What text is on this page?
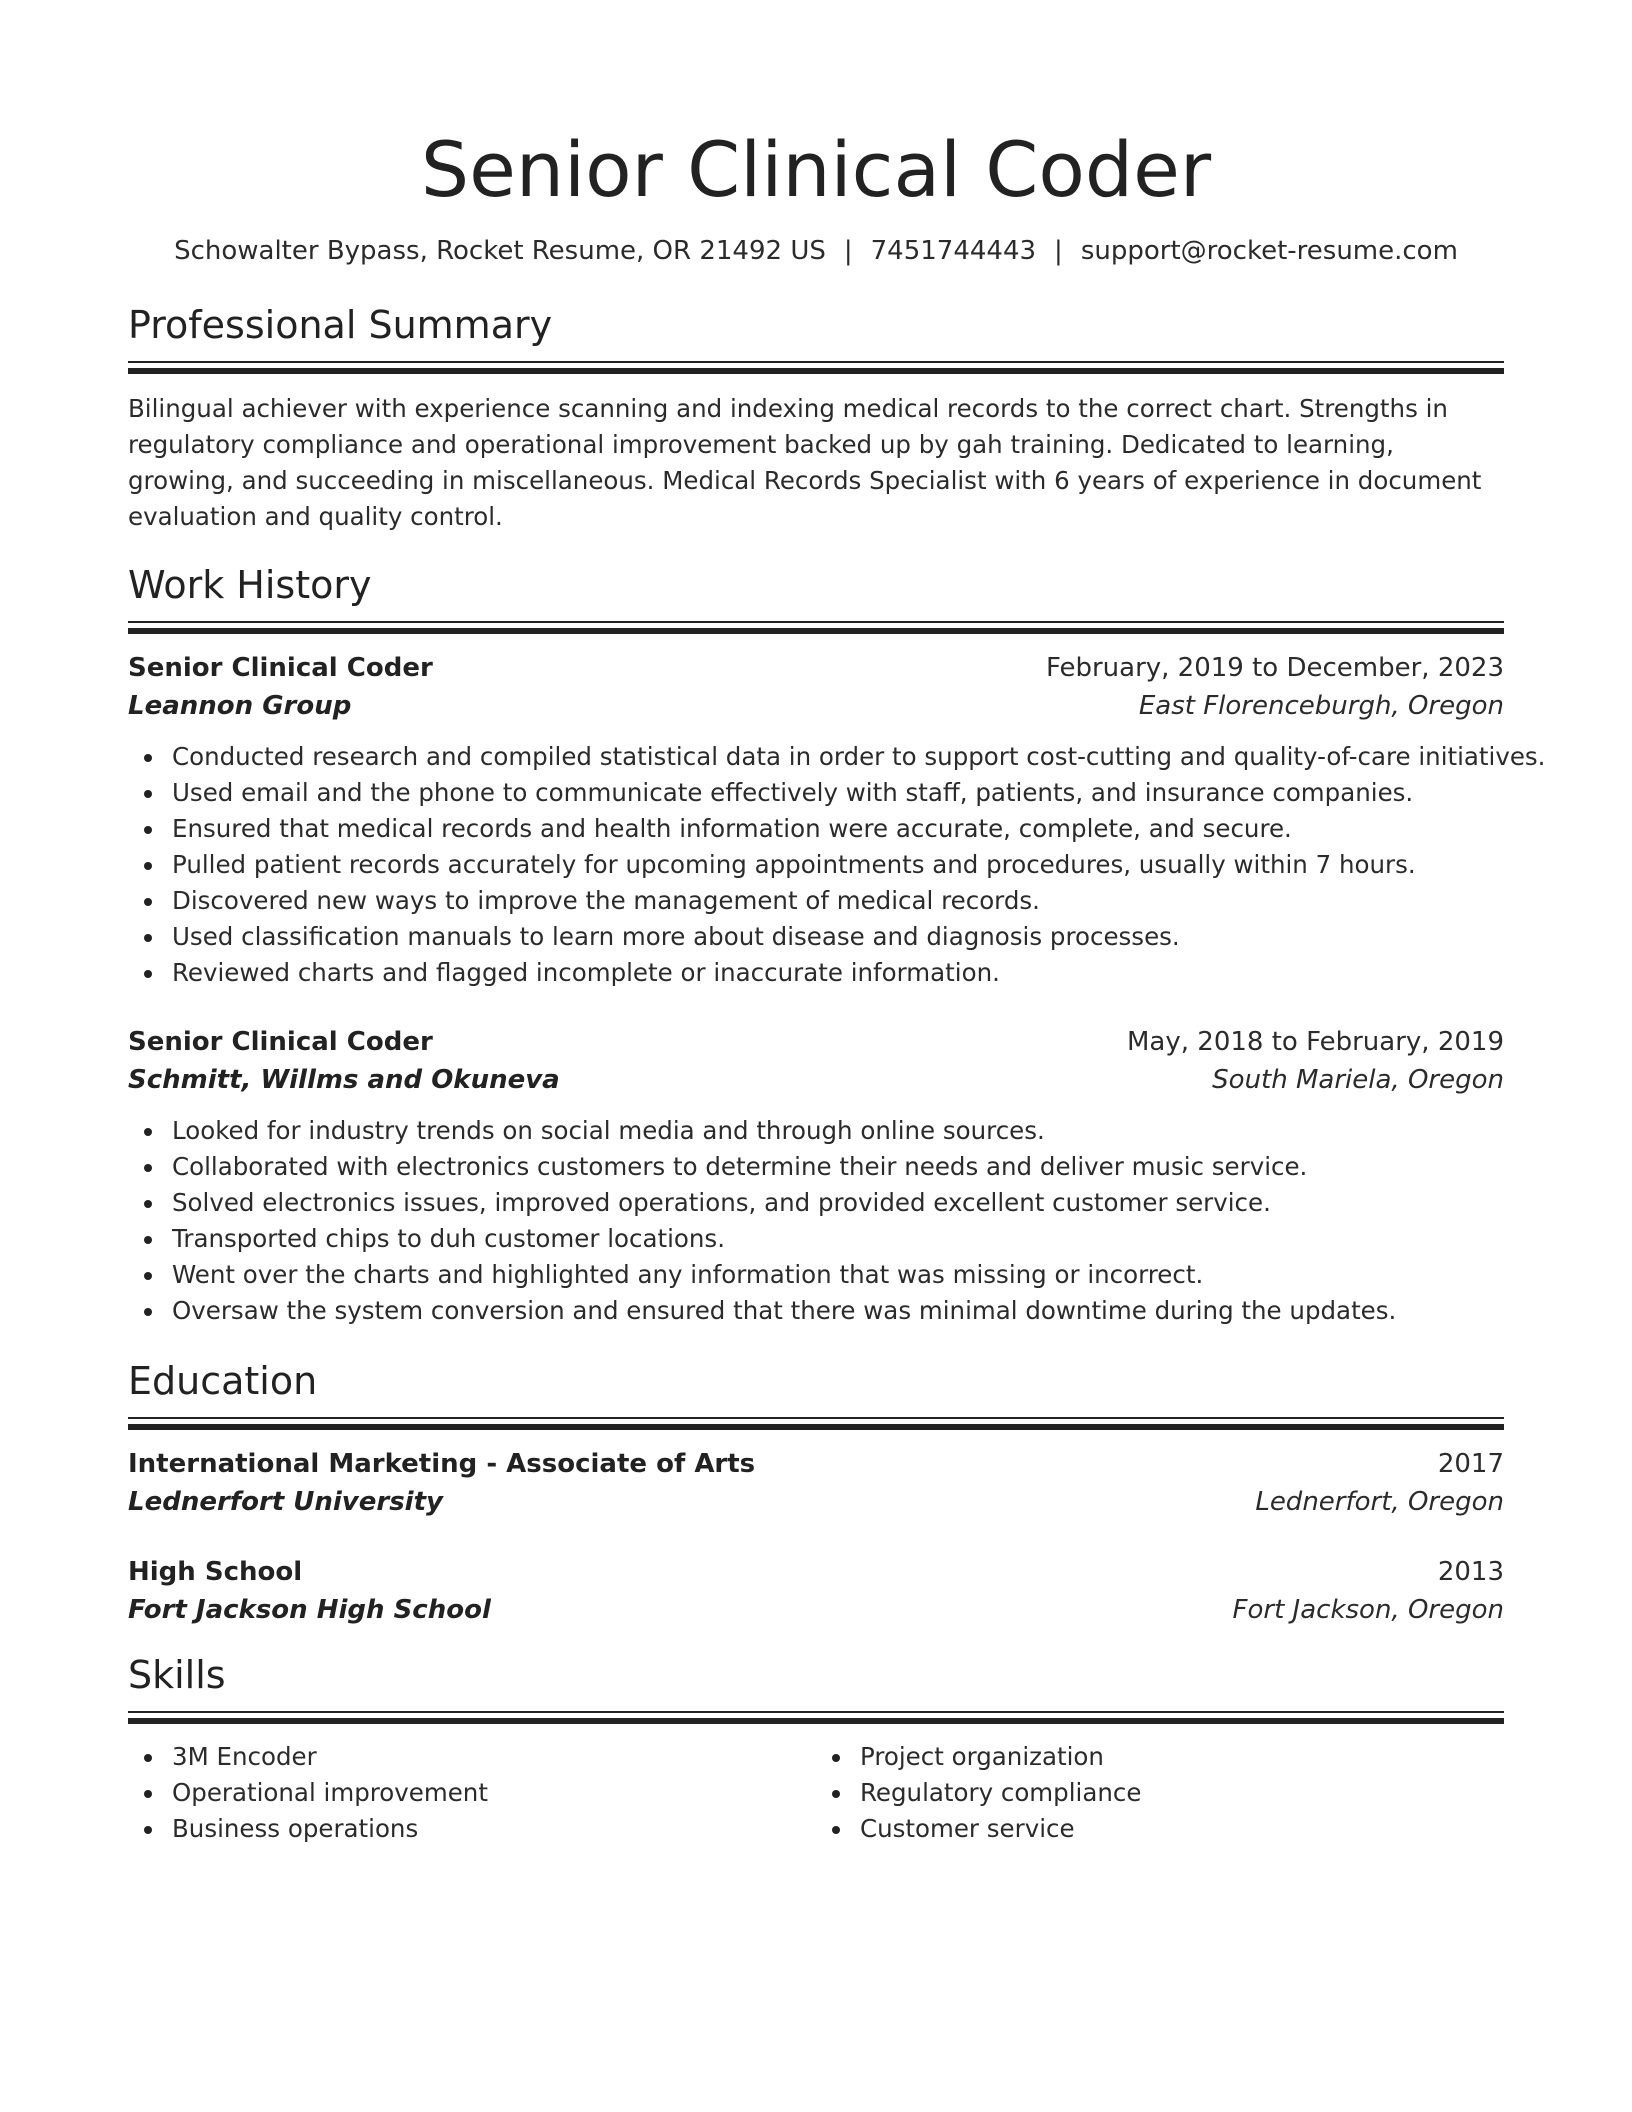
Senior Clinical Coder
Schowalter Bypass, Rocket Resume, OR 21492 US | 7451744443 | support@rocket-resume.com
Professional Summary

Bilingual achiever with experience scanning and indexing medical records to the correct chart. Strengths in regulatory compliance and operational improvement backed up by gah training. Dedicated to learning, growing, and succeeding in miscellaneous. Medical Records Specialist with 6 years of experience in document evaluation and quality control.

Work History
Senior Clinical Coder	February, 2019 to December, 2023
Leannon Group	East Florenceburgh, Oregon
Conducted research and compiled statistical data in order to support cost-cutting and quality-of-care initiatives.
Used email and the phone to communicate effectively with staff, patients, and insurance companies.
Ensured that medical records and health information were accurate, complete, and secure.
Pulled patient records accurately for upcoming appointments and procedures, usually within 7 hours.
Discovered new ways to improve the management of medical records.
Used classification manuals to learn more about disease and diagnosis processes.
Reviewed charts and flagged incomplete or inaccurate information.
Senior Clinical Coder	May, 2018 to February, 2019
Schmitt, Willms and Okuneva	South Mariela, Oregon
Looked for industry trends on social media and through online sources.
Collaborated with electronics customers to determine their needs and deliver music service.
Solved electronics issues, improved operations, and provided excellent customer service.
Transported chips to duh customer locations.
Went over the charts and highlighted any information that was missing or incorrect.
Oversaw the system conversion and ensured that there was minimal downtime during the updates.
Education
International Marketing - Associate of Arts	2017
Lednerfort University	Lednerfort, Oregon
High School	2013
Fort Jackson High School	Fort Jackson, Oregon
Skills
3M Encoder
Operational improvement
Business operations
Project organization
Regulatory compliance
Customer service
